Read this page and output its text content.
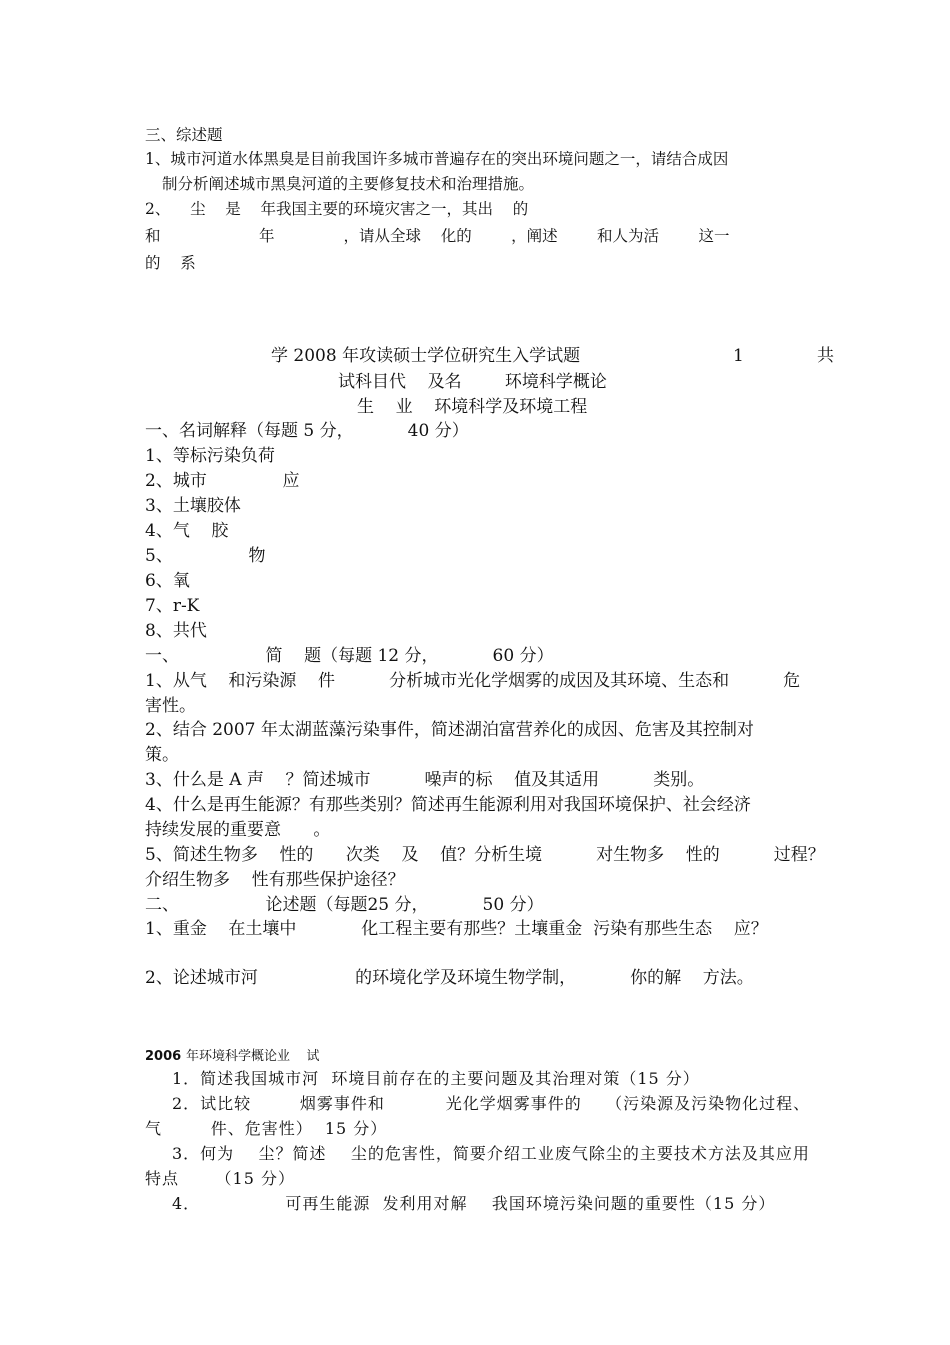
三、综述题
1、城市河道水体黑臭是目前我国许多城市普遍存在的突出环境问题之一，请结合成因
制分析阐述城市黑臭河道的主要修复技术和治理措施。
2、    尘    是    年我国主要的环境灾害之一，其出    的
和                    年              ，请从全球    化的        ，阐述        和人为活        这一
的    系
学 2008 年攻读硕士学位研究生入学试题	1	共
试科目代    及名        环境科学概论
生    业    环境科学及环境工程
一、名词解释（每题 5 分，          40 分）
1、等标污染负荷
2、城市              应
3、土壤胶体
4、气    胶
5、              物
6、氧
7、r-K
8、共代
一、                简    题（每题 12 分，          60 分）
1、从气    和污染源    件          分析城市光化学烟雾的成因及其环境、生态和          危
害性。
2、结合 2007 年太湖蓝藻污染事件，简述湖泊富营养化的成因、危害及其控制对
策。
3、什么是 A 声    ？简述城市          噪声的标    值及其适用          类别。
4、什么是再生能源？有那些类别？简述再生能源利用对我国环境保护、社会经济
持续发展的重要意      。
5、简述生物多    性的      次类    及    值？分析生境          对生物多    性的          过程？
介绍生物多    性有那些保护途径？
二、                论述题（每题25 分，          50 分）
1、重金    在土壤中            化工程主要有那些？土壤重金  污染有那些生态    应？
2、论述城市河                  的环境化学及环境生物学制，          你的解    方法。
2006 年环境科学概论业    试
1．简述我国城市河  环境目前存在的主要问题及其治理对策（15 分）
2．试比较        烟雾事件和          光化学烟雾事件的    （污染源及污染物化过程、
气        件、危害性）  15 分）
3．何为    尘？简述    尘的危害性，简要介绍工业废气除尘的主要技术方法及其应用
特点      （15 分）
4．              可再生能源  发利用对解    我国环境污染问题的重要性（15 分）
